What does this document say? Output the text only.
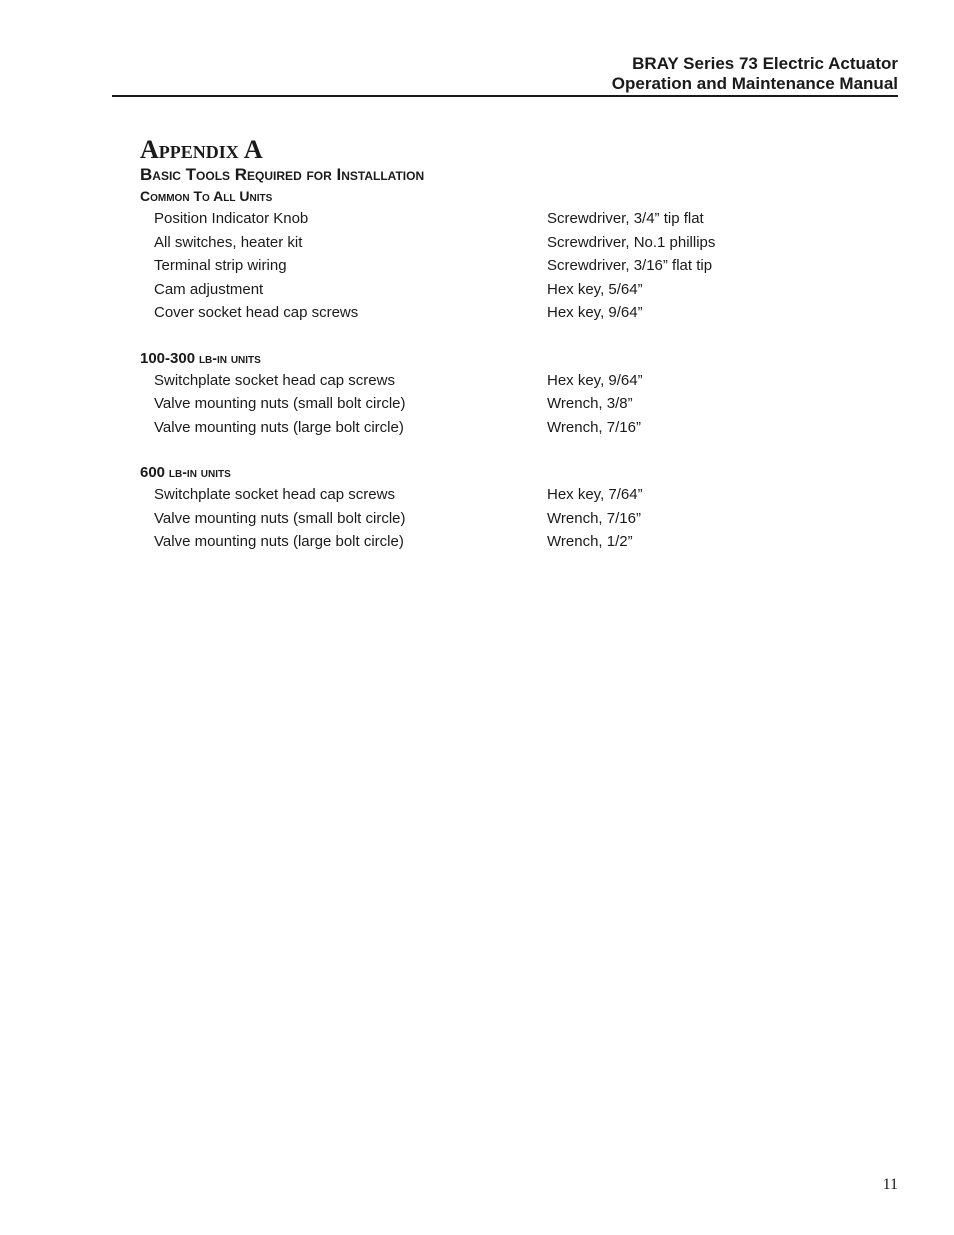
BRAY Series 73 Electric Actuator
Operation and Maintenance Manual
Appendix A
Basic Tools Required for Installation
Common To All Units
Position Indicator Knob	Screwdriver, 3/4” tip flat
All switches, heater kit	Screwdriver, No.1 phillips
Terminal strip wiring	Screwdriver, 3/16” flat tip
Cam adjustment	Hex key, 5/64”
Cover socket head cap screws	Hex key, 9/64”
100-300 lb-in units
Switchplate socket head cap screws	Hex key, 9/64”
Valve mounting nuts (small bolt circle)	Wrench, 3/8”
Valve mounting nuts (large bolt circle)	Wrench, 7/16”
600 lb-in units
Switchplate socket head cap screws	Hex key, 7/64”
Valve mounting nuts (small bolt circle)	Wrench, 7/16”
Valve mounting nuts (large bolt circle)	Wrench, 1/2”
11
